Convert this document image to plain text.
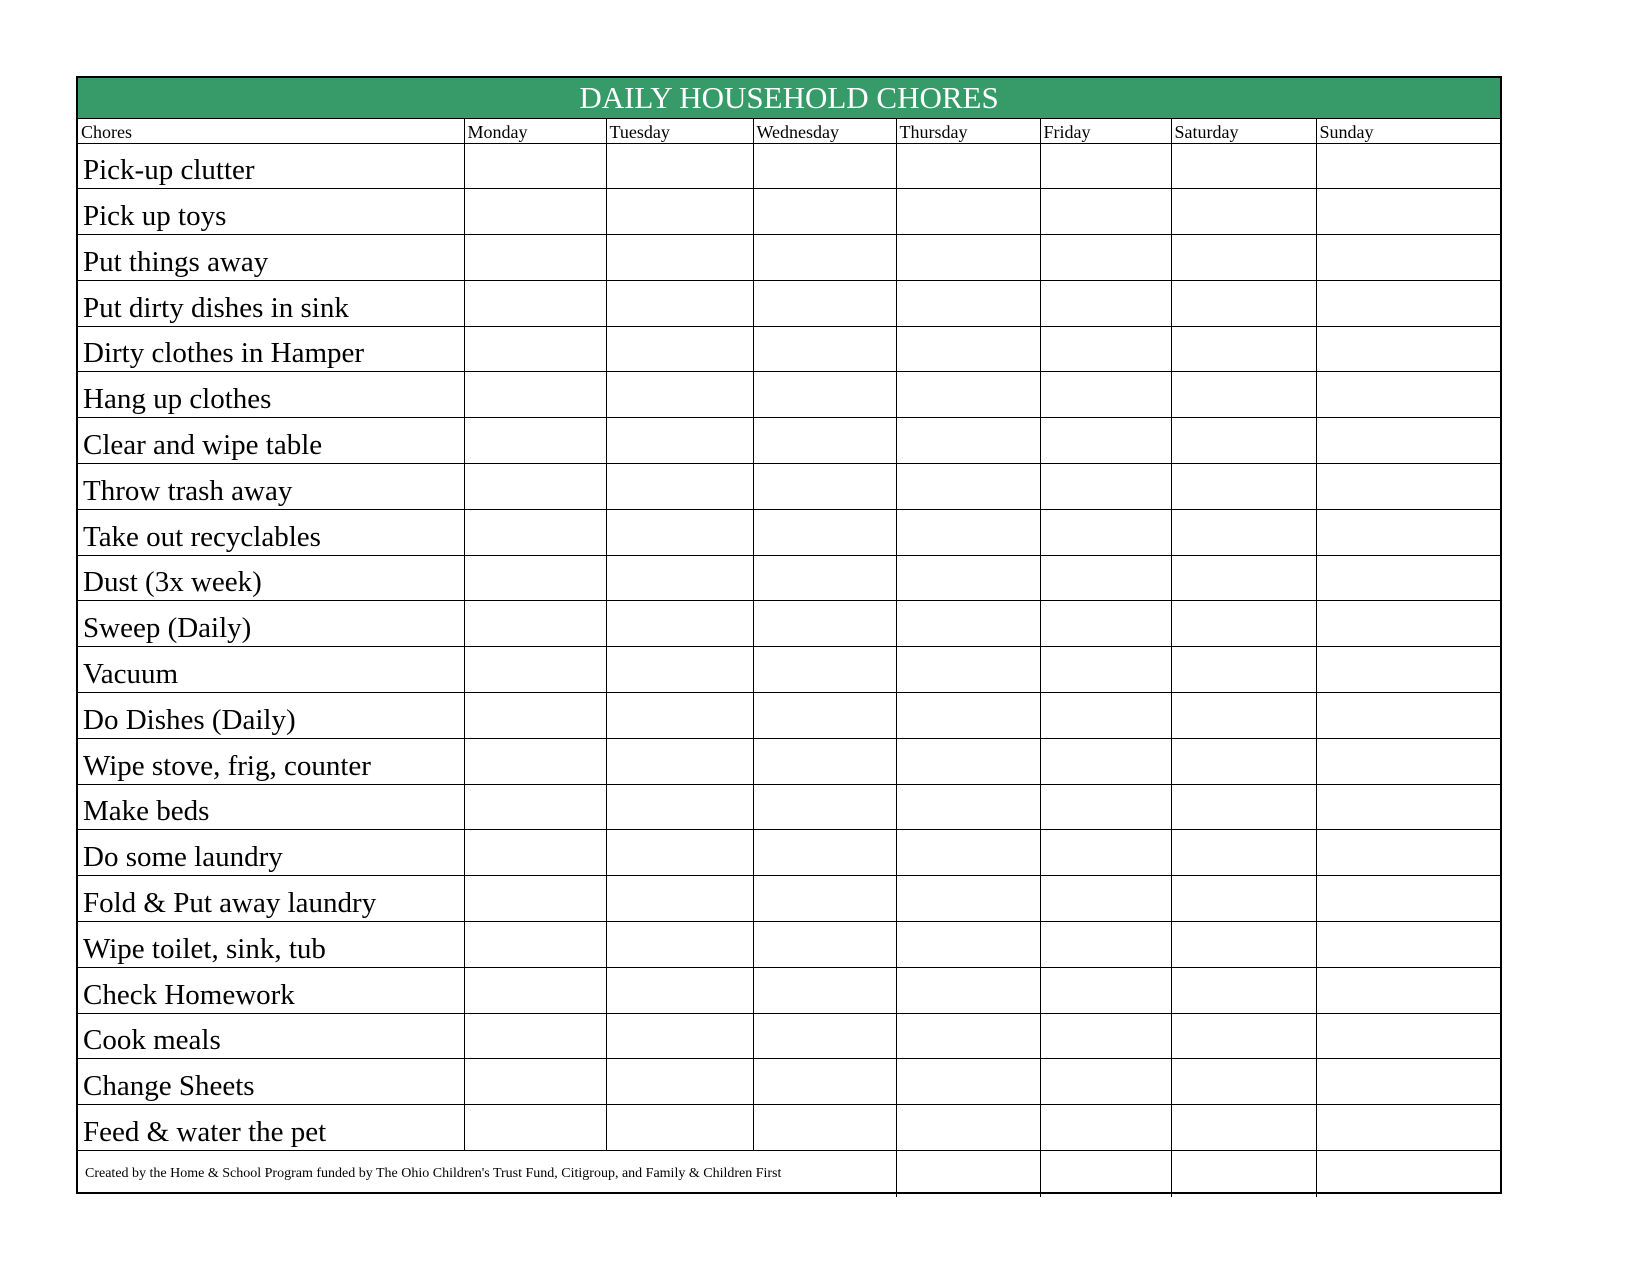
DAILY HOUSEHOLD CHORES							
Chores	Monday	Tuesday	Wednesday	Thursday	Friday	Saturday	Sunday
Pick-up clutter							
Pick up toys							
Put things away							
Put dirty dishes in sink							
Dirty clothes in Hamper							
Hang up clothes							
Clear and wipe table							
Throw trash away							
Take out recyclables							
Dust (3x week)							
Sweep (Daily)							
Vacuum							
Do Dishes (Daily)							
Wipe stove, frig, counter							
Make beds							
Do some laundry							
Fold & Put away laundry							
Wipe toilet, sink, tub							
Check Homework							
Cook meals							
Change Sheets							
Feed & water the pet							
Created by the Home & School Program funded by The Ohio Children's Trust Fund, Citigroup, and Family & Children First							
